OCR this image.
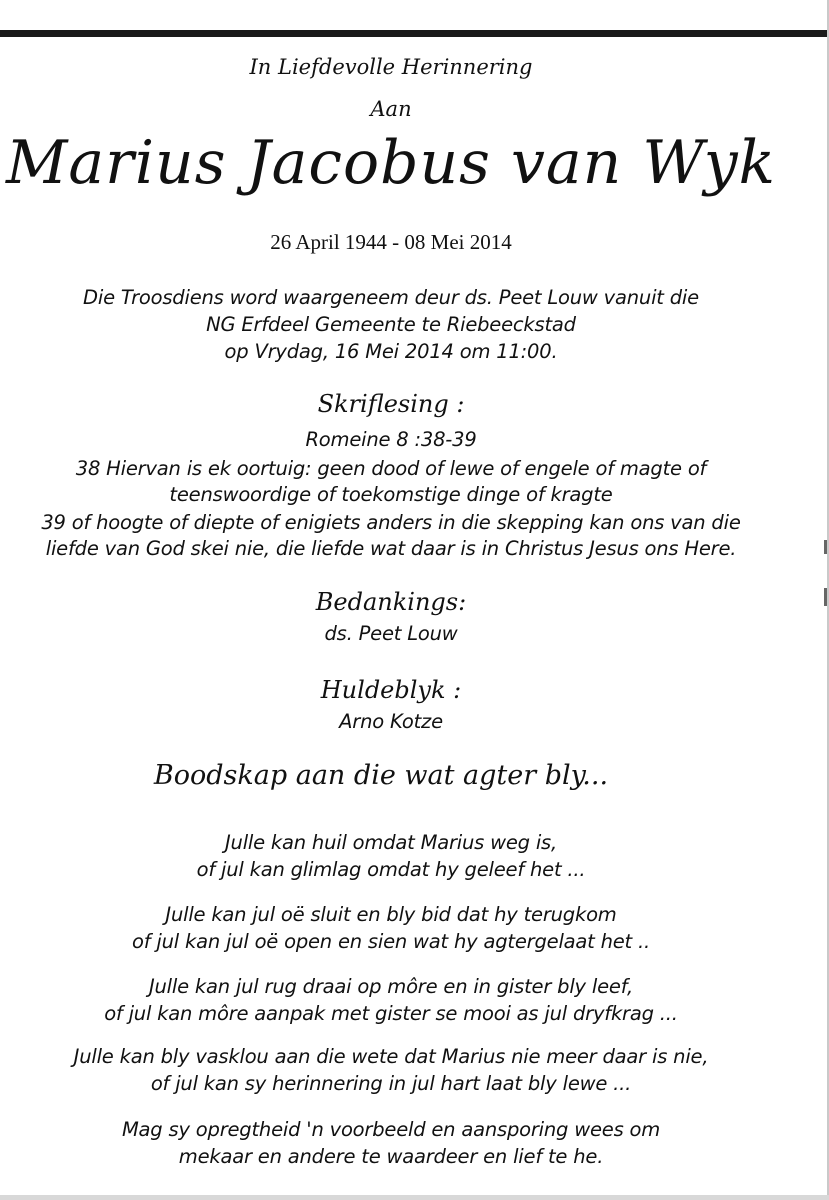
In Liefdevolle Herinnering
Aan
Marius Jacobus van Wyk
26 April 1944 - 08 Mei 2014
Die Troosdiens word waargeneem deur ds. Peet Louw vanuit die
NG Erfdeel Gemeente te Riebeeckstad
op Vrydag, 16 Mei 2014 om 11:00.
Skriflesing :
Romeine 8 :38-39
38 Hiervan is ek oortuig: geen dood of lewe of engele of magte of
teenswoordige of toekomstige dinge of kragte
39 of hoogte of diepte of enigiets anders in die skepping kan ons van die
liefde van God skei nie, die liefde wat daar is in Christus Jesus ons Here.
Bedankings:
ds. Peet Louw
Huldeblyk :
Arno Kotze
Boodskap aan die wat agter bly...
Julle kan huil omdat Marius weg is,
of jul kan glimlag omdat hy geleef het ...
Julle kan jul oë sluit en bly bid dat hy terugkom
of jul kan jul oë open en sien wat hy agtergelaat het ..
Julle kan jul rug draai op môre en in gister bly leef,
of jul kan môre aanpak met gister se mooi as jul dryfkrag ...
Julle kan bly vasklou aan die wete dat Marius nie meer daar is nie,
of jul kan sy herinnering in jul hart laat bly lewe ...
Mag sy opregtheid 'n voorbeeld en aansporing wees om
mekaar en andere te waardeer en lief te he.
